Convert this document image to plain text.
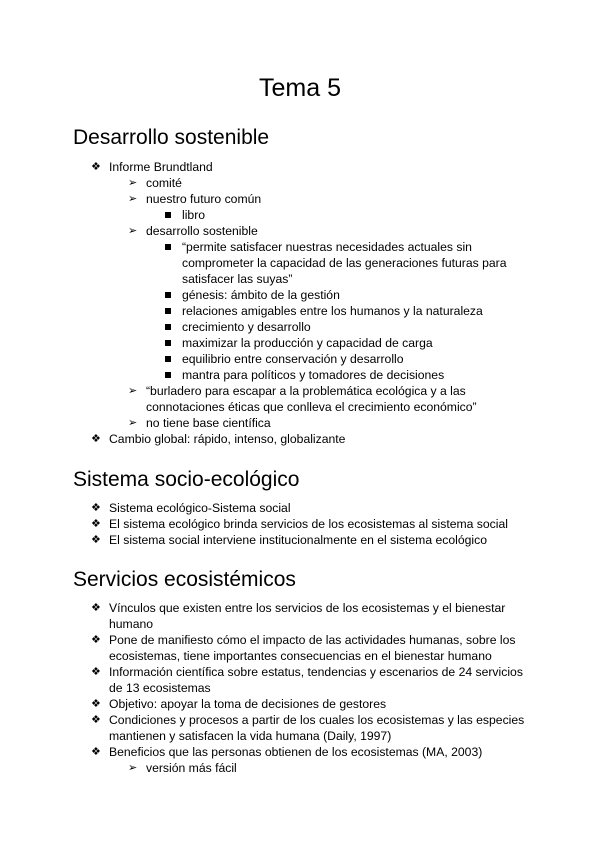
Tema 5
Desarrollo sostenible
❖ Informe Brundtland
➢ comité
➢ nuestro futuro común
libro
➢ desarrollo sostenible
“permite satisfacer nuestras necesidades actuales sin
comprometer la capacidad de las generaciones futuras para
satisfacer las suyas”
génesis: ámbito de la gestión
relaciones amigables entre los humanos y la naturaleza
crecimiento y desarrollo
maximizar la producción y capacidad de carga
equilibrio entre conservación y desarrollo
mantra para políticos y tomadores de decisiones
➢ “burladero para escapar a la problemática ecológica y a las
connotaciones éticas que conlleva el crecimiento económico”
➢ no tiene base científica
❖ Cambio global: rápido, intenso, globalizante
Sistema socio-ecológico
❖ Sistema ecológico-Sistema social
❖ El sistema ecológico brinda servicios de los ecosistemas al sistema social
❖ El sistema social interviene institucionalmente en el sistema ecológico
Servicios ecosistémicos
❖ Vínculos que existen entre los servicios de los ecosistemas y el bienestar
humano
❖ Pone de manifiesto cómo el impacto de las actividades humanas, sobre los
ecosistemas, tiene importantes consecuencias en el bienestar humano
❖ Información científica sobre estatus, tendencias y escenarios de 24 servicios
de 13 ecosistemas
❖ Objetivo: apoyar la toma de decisiones de gestores
❖ Condiciones y procesos a partir de los cuales los ecosistemas y las especies
mantienen y satisfacen la vida humana (Daily, 1997)
❖ Beneficios que las personas obtienen de los ecosistemas (MA, 2003)
➢ versión más fácil
